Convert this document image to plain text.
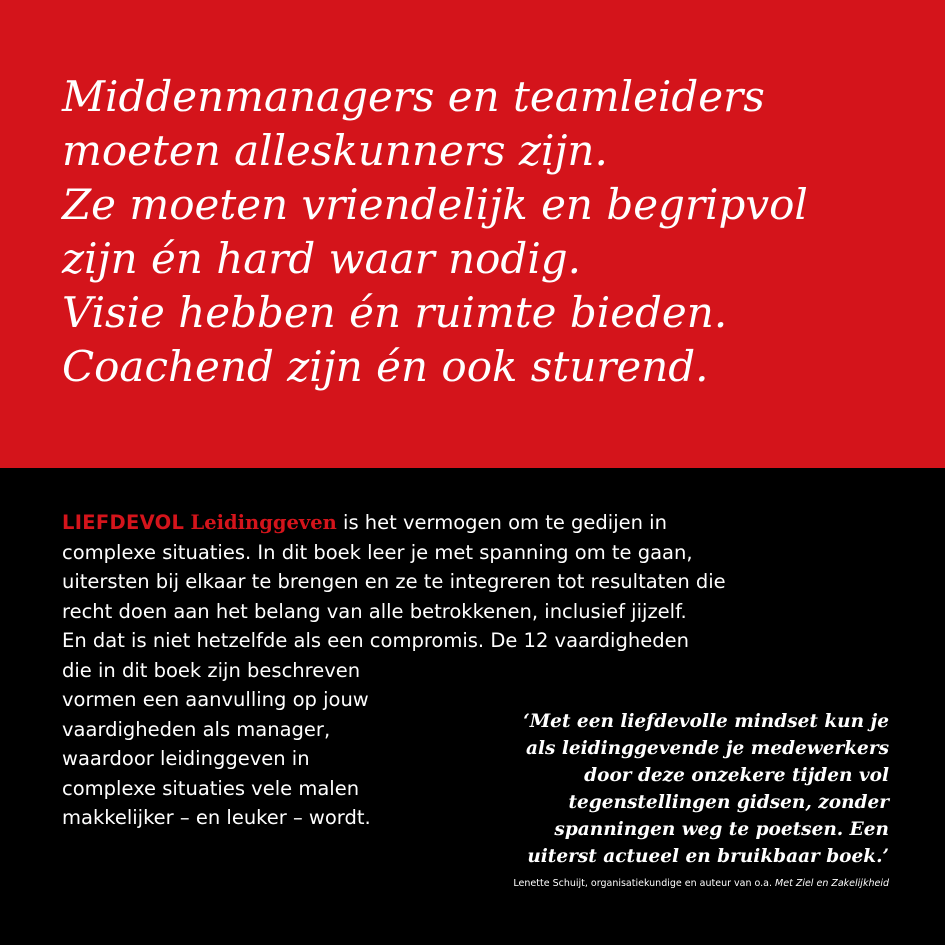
Middenmanagers en teamleiders
moeten alleskunners zijn.
Ze moeten vriendelijk en begripvol
zijn én hard waar nodig.
Visie hebben én ruimte bieden.
Coachend zijn én ook sturend.

LIEFDEVOL Leidinggeven is het vermogen om te gedijen in
complexe situaties. In dit boek leer je met spanning om te gaan,
uitersten bij elkaar te brengen en ze te integreren tot resultaten die
recht doen aan het belang van alle betrokkenen, inclusief jijzelf.
En dat is niet hetzelfde als een compromis. De 12 vaardigheden
die in dit boek zijn beschreven
vormen een aanvulling op jouw
vaardigheden als manager,
waardoor leidinggeven in
complexe situaties vele malen
makkelijker – en leuker – wordt.

‘Met een liefdevolle mindset kun je
als leidinggevende je medewerkers
door deze onzekere tijden vol
tegenstellingen gidsen, zonder
spanningen weg te poetsen. Een
uiterst actueel en bruikbaar boek.’
Lenette Schuijt, organisatiekundige en auteur van o.a. Met Ziel en Zakelijkheid
